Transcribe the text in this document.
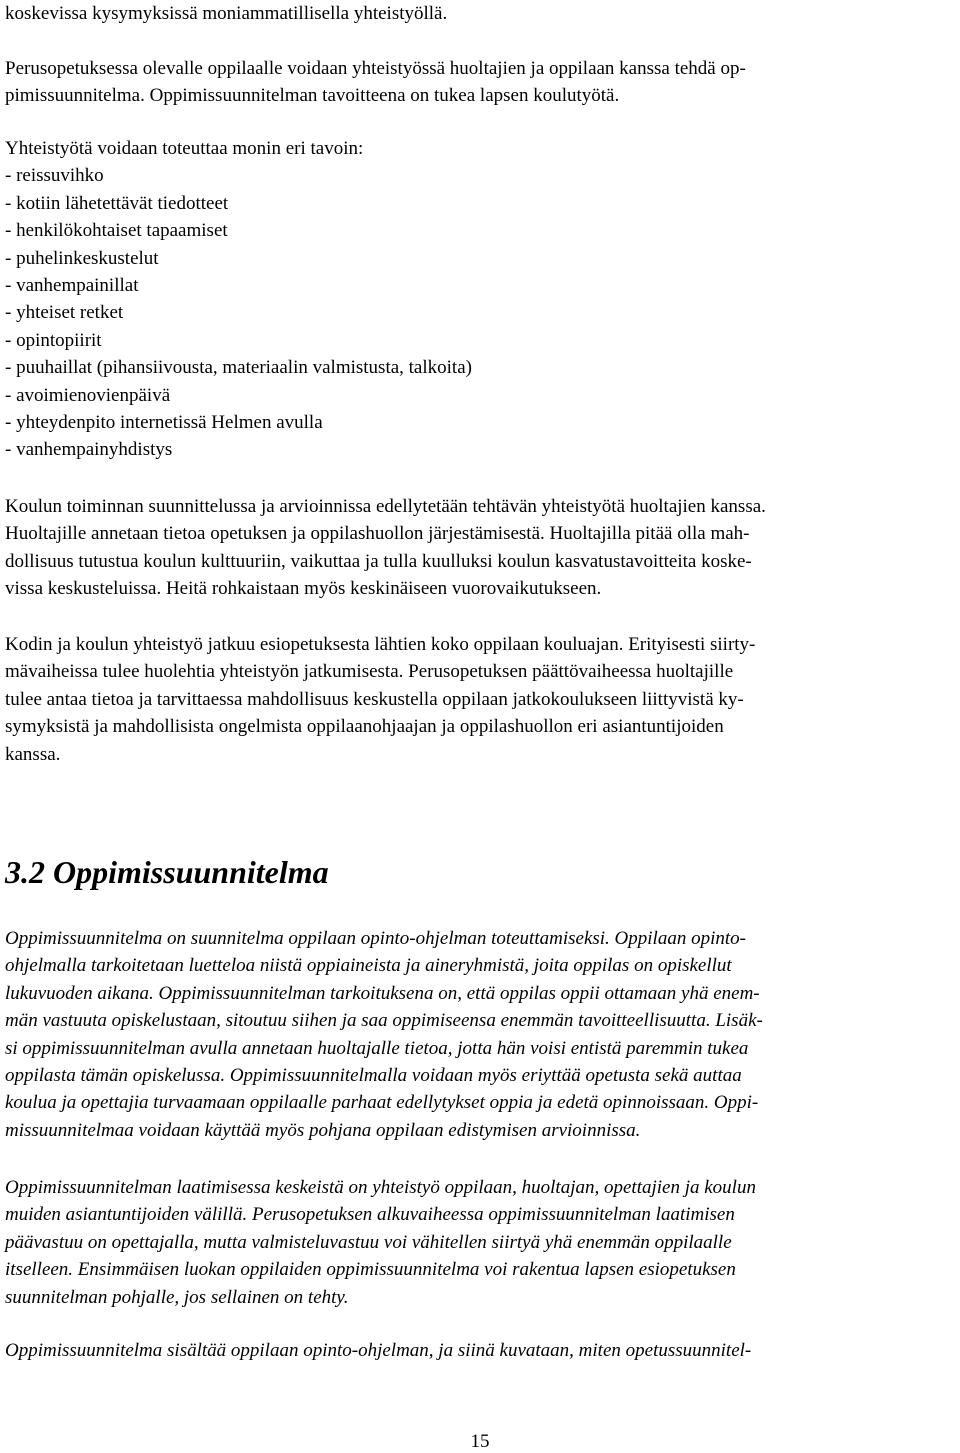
koskevissa kysymyksissä moniammatillisella yhteistyöllä.
Perusopetuksessa olevalle oppilaalle voidaan yhteistyössä huoltajien ja oppilaan kanssa tehdä op-
pimissuunnitelma. Oppimissuunnitelman tavoitteena on tukea lapsen koulutyötä.
Yhteistyötä voidaan toteuttaa monin eri tavoin:
- reissuvihko
- kotiin lähetettävät tiedotteet
- henkilökohtaiset tapaamiset
- puhelinkeskustelut
- vanhempainillat
- yhteiset retket
- opintopiirit
- puuhaillat (pihansiivousta, materiaalin valmistusta, talkoita)
- avoimienovienpäivä
- yhteydenpito internetissä Helmen avulla
- vanhempainyhdistys
Koulun toiminnan suunnittelussa ja arvioinnissa edellytetään tehtävän yhteistyötä huoltajien kanssa.
Huoltajille annetaan tietoa opetuksen ja oppilashuollon järjestämisestä. Huoltajilla pitää olla mah-
dollisuus tutustua koulun kulttuuriin, vaikuttaa ja tulla kuulluksi koulun kasvatustavoitteita koske-
vissa keskusteluissa. Heitä rohkaistaan myös keskinäiseen vuorovaikutukseen.
Kodin ja koulun yhteistyö jatkuu esiopetuksesta lähtien koko oppilaan kouluajan. Erityisesti siirty-
mävaiheissa tulee huolehtia yhteistyön jatkumisesta. Perusopetuksen päättövaiheessa huoltajille
tulee antaa tietoa ja tarvittaessa mahdollisuus keskustella oppilaan jatkokoulukseen liittyvistä ky-
symyksistä ja mahdollisista ongelmista oppilaanohjaajan ja oppilashuollon eri asiantuntijoiden
kanssa.
3.2 Oppimissuunnitelma
Oppimissuunnitelma on suunnitelma oppilaan opinto-ohjelman toteuttamiseksi. Oppilaan opinto-
ohjelmalla tarkoitetaan luetteloa niistä oppiaineista ja aineryhmistä, joita oppilas on opiskellut
lukuvuoden aikana. Oppimissuunnitelman tarkoituksena on, että oppilas oppii ottamaan yhä enem-
män vastuuta opiskelustaan, sitoutuu siihen ja saa oppimiseensa enemmän tavoitteellisuutta. Lisäk-
si oppimissuunnitelman avulla annetaan huoltajalle tietoa, jotta hän voisi entistä paremmin tukea
oppilasta tämän opiskelussa. Oppimissuunnitelmalla voidaan myös eriyttää opetusta sekä auttaa
koulua ja opettajia turvaamaan oppilaalle parhaat edellytykset oppia ja edetä opinnoissaan. Oppi-
missuunnitelmaa voidaan käyttää myös pohjana oppilaan edistymisen arvioinnissa.
Oppimissuunnitelman laatimisessa keskeistä on yhteistyö oppilaan, huoltajan, opettajien ja koulun
muiden asiantuntijoiden välillä. Perusopetuksen alkuvaiheessa oppimissuunnitelman laatimisen
päävastuu on opettajalla, mutta valmisteluvastuu voi vähitellen siirtyä yhä enemmän oppilaalle
itselleen. Ensimmäisen luokan oppilaiden oppimissuunnitelma voi rakentua lapsen esiopetuksen
suunnitelman pohjalle, jos sellainen on tehty.
Oppimissuunnitelma sisältää oppilaan opinto-ohjelman, ja siinä kuvataan, miten opetussuunnitel-
15
